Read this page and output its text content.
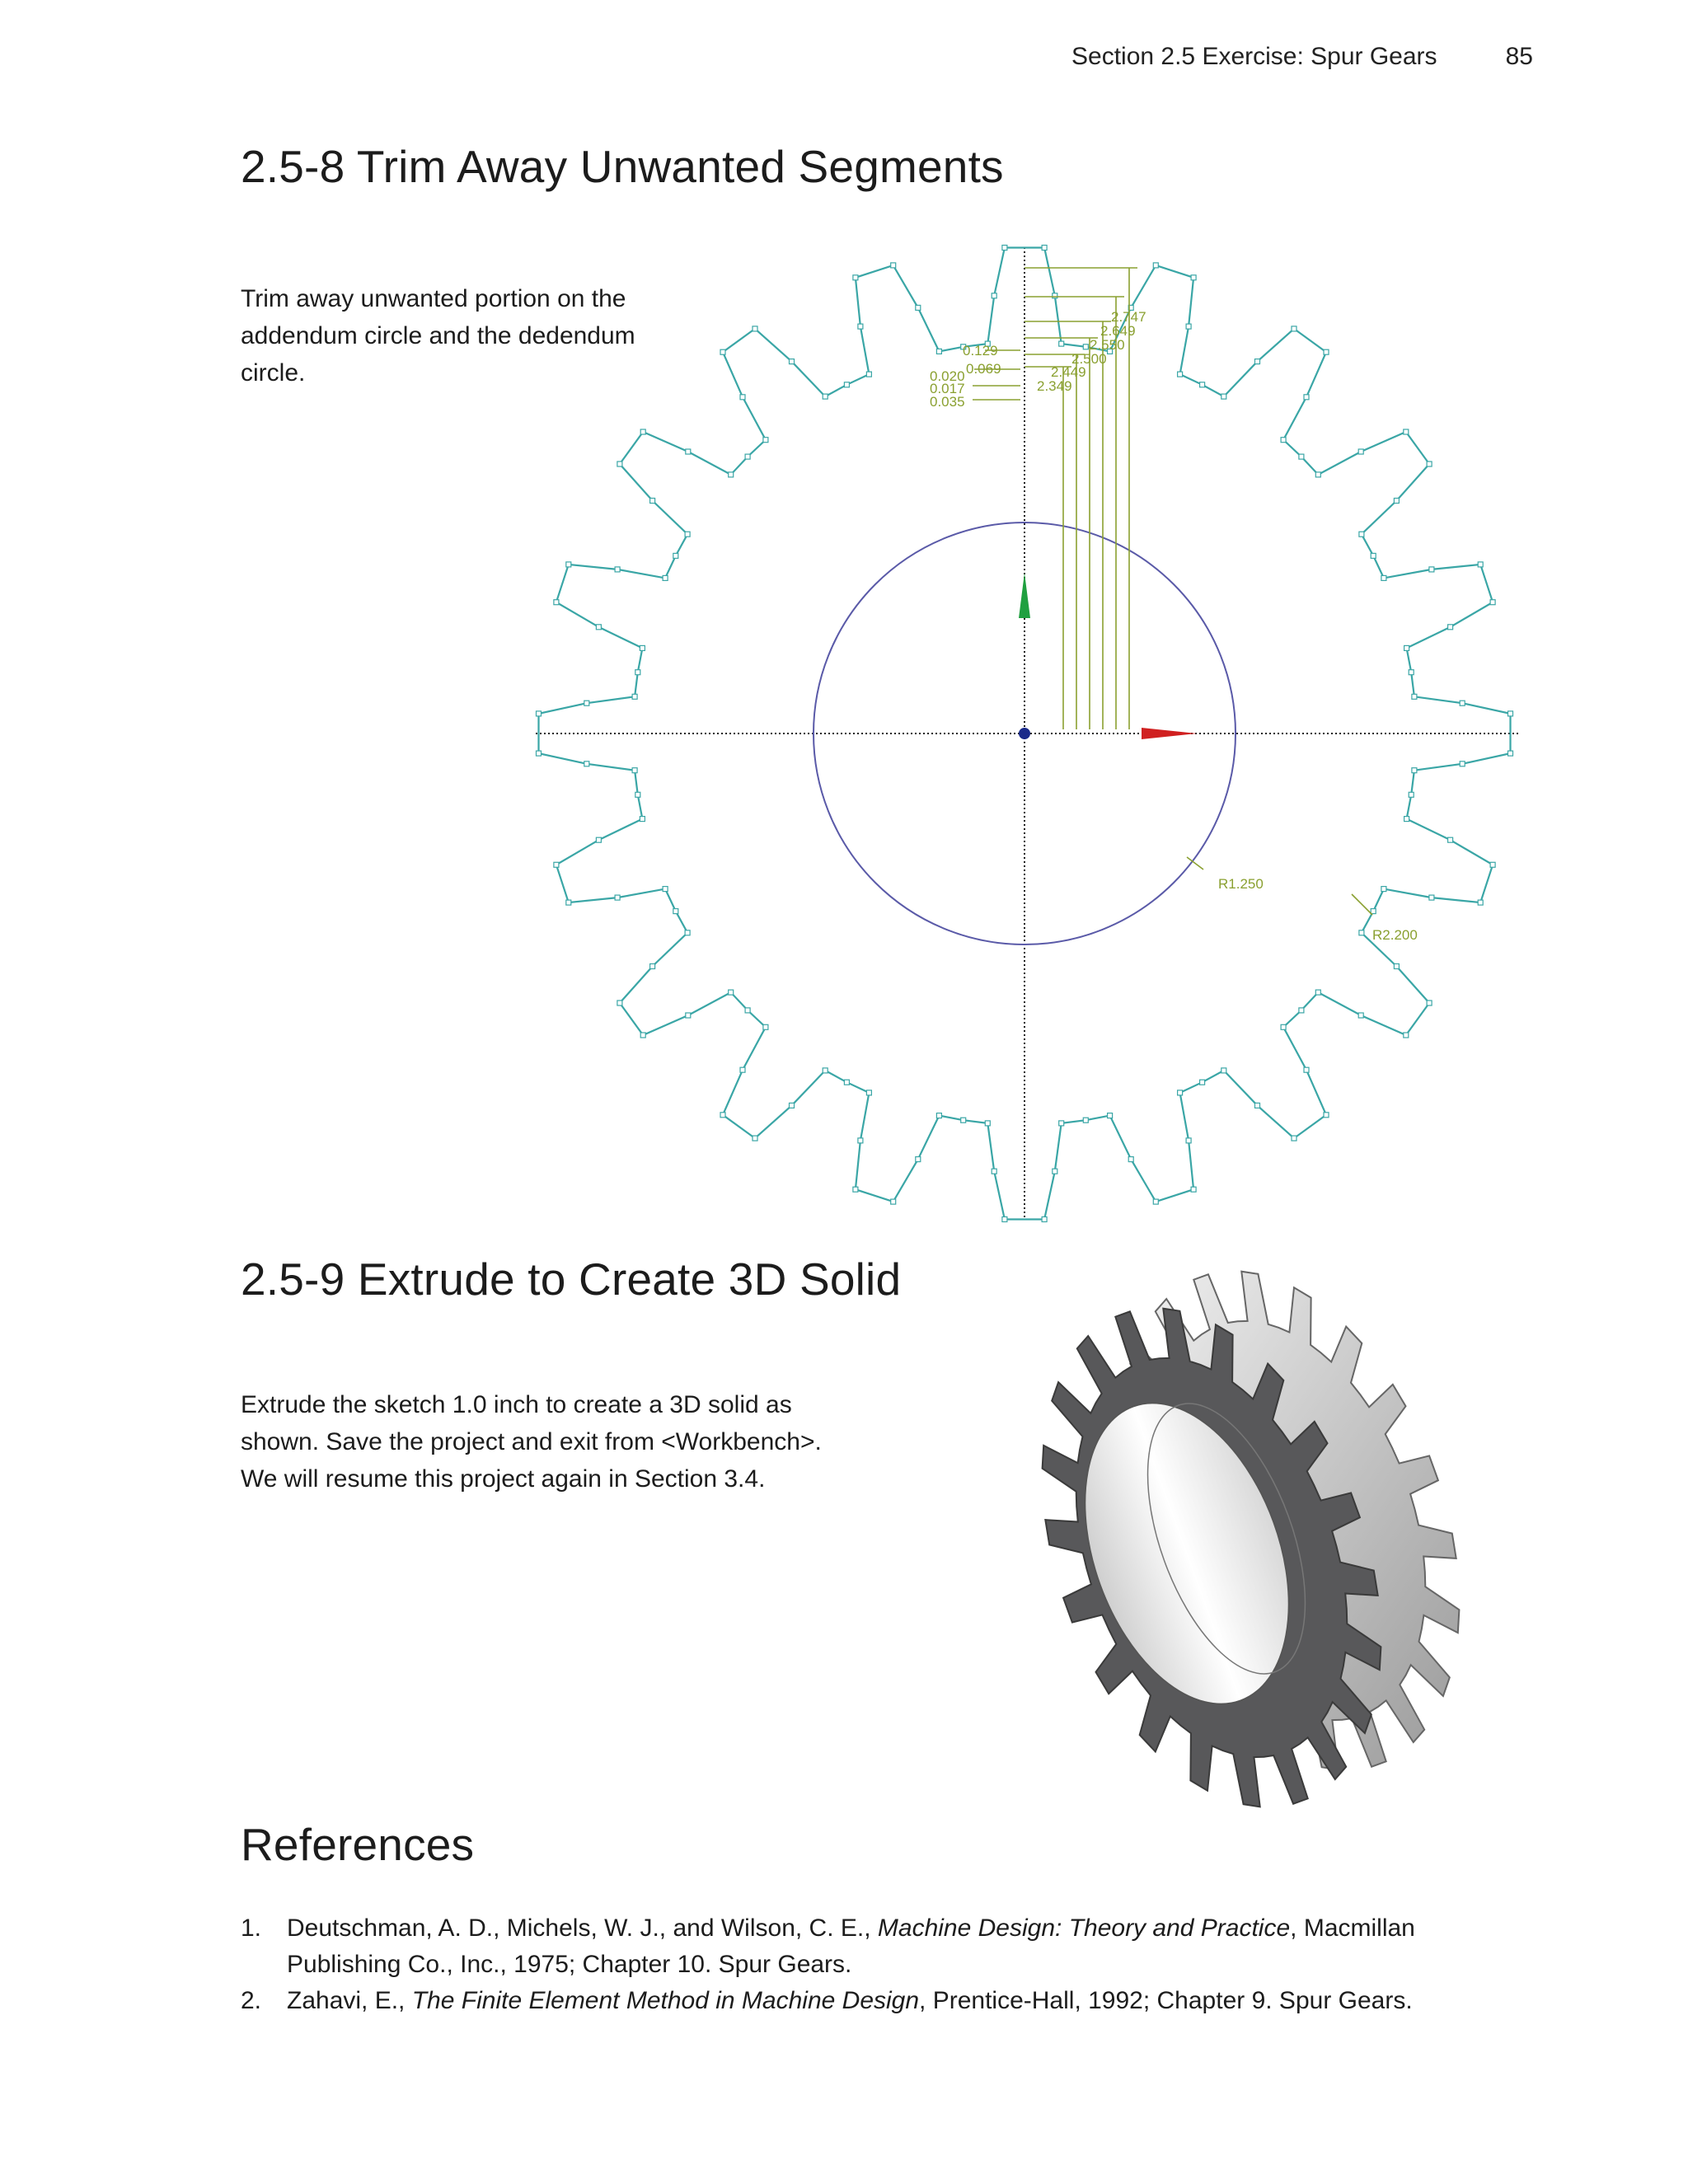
Section 2.5 Exercise: Spur Gears	85
2.5-8 Trim Away Unwanted Segments

Trim away unwanted portion on the addendum circle and the dedendum circle.

2.747
2.649
2.550
2.500
2.449
2.349
0.129
0.069
0.020
0.017
0.035
R1.250
R2.200
2.5-9 Extrude to Create 3D Solid

Extrude the sketch 1.0 inch to create a 3D solid as shown. Save the project and exit from <Workbench>. We will resume this project again in Section 3.4.

References
1. Deutschman, A. D., Michels, W. J., and Wilson, C. E., Machine Design: Theory and Practice, Macmillan Publishing Co., Inc., 1975; Chapter 10. Spur Gears.
2. Zahavi, E., The Finite Element Method in Machine Design, Prentice-Hall, 1992; Chapter 9. Spur Gears.
